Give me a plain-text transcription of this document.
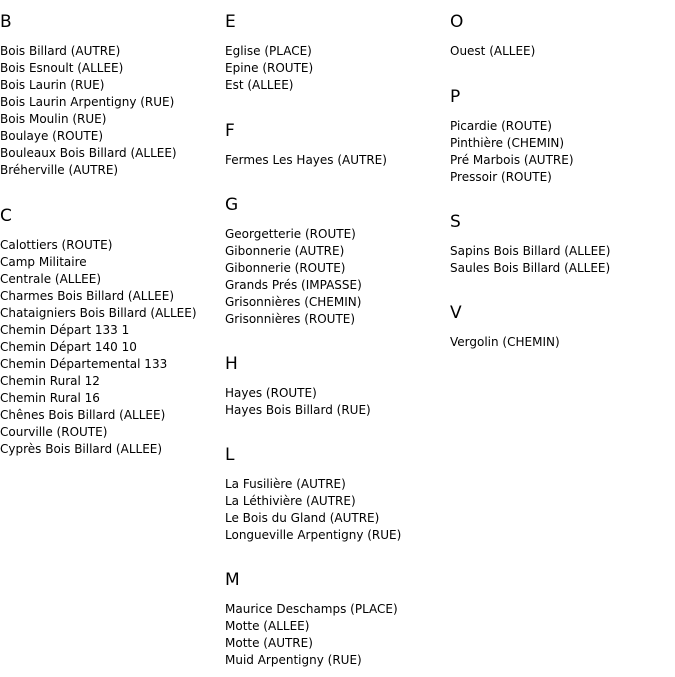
B
Bois Billard (AUTRE)
Bois Esnoult (ALLEE)
Bois Laurin (RUE)
Bois Laurin Arpentigny (RUE)
Bois Moulin (RUE)
Boulaye (ROUTE)
Bouleaux Bois Billard (ALLEE)
Bréherville (AUTRE)
C
Calottiers (ROUTE)
Camp Militaire
Centrale (ALLEE)
Charmes Bois Billard (ALLEE)
Chataigniers Bois Billard (ALLEE)
Chemin Départ 133 1
Chemin Départ 140 10
Chemin Départemental 133
Chemin Rural 12
Chemin Rural 16
Chênes Bois Billard (ALLEE)
Courville (ROUTE)
Cyprès Bois Billard (ALLEE)
E
Eglise (PLACE)
Epine (ROUTE)
Est (ALLEE)
F
Fermes Les Hayes (AUTRE)
G
Georgetterie (ROUTE)
Gibonnerie (AUTRE)
Gibonnerie (ROUTE)
Grands Prés (IMPASSE)
Grisonnières (CHEMIN)
Grisonnières (ROUTE)
H
Hayes (ROUTE)
Hayes Bois Billard (RUE)
L
La Fusilière (AUTRE)
La Léthivière (AUTRE)
Le Bois du Gland (AUTRE)
Longueville Arpentigny (RUE)
M
Maurice Deschamps (PLACE)
Motte (ALLEE)
Motte (AUTRE)
Muid Arpentigny (RUE)
O
Ouest (ALLEE)
P
Picardie (ROUTE)
Pinthière (CHEMIN)
Pré Marbois (AUTRE)
Pressoir (ROUTE)
S
Sapins Bois Billard (ALLEE)
Saules Bois Billard (ALLEE)
V
Vergolin (CHEMIN)
